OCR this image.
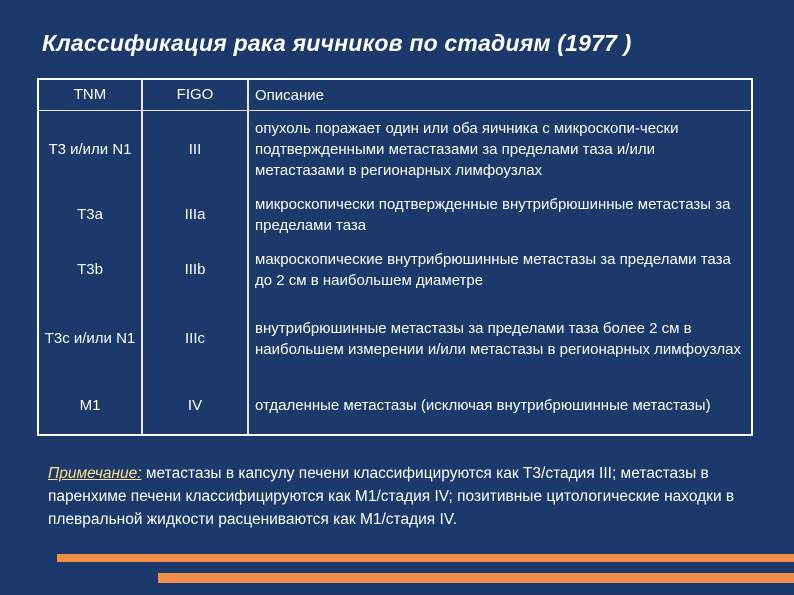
Классификация рака яичников по стадиям (1977 )
TNM	FIGO	Описание
T3 и/или N1	III	опухоль поражает один или оба яичника с микроскопи-чески подтвержденными метастазами за пределами таза и/или метастазами в регионарных лимфоузлах
T3a	IIIa	микроскопически подтвержденные внутрибрюшинные метастазы за пределами таза
T3b	IIIb	макроскопические внутрибрюшинные метастазы за пределами таза до 2 см в наибольшем диаметре
T3c и/или N1	IIIc	внутрибрюшинные метастазы за пределами таза более 2 см в наибольшем измерении и/или метастазы в регионарных лимфоузлах
M1	IV	отдаленные метастазы (исключая внутрибрюшинные метастазы)
Примечание: метастазы в капсулу печени классифицируются как T3/стадия III; метастазы в паренхиме печени классифицируются как M1/стадия IV; позитивные цитологические находки в плевральной жидкости расцениваются как M1/стадия IV.
